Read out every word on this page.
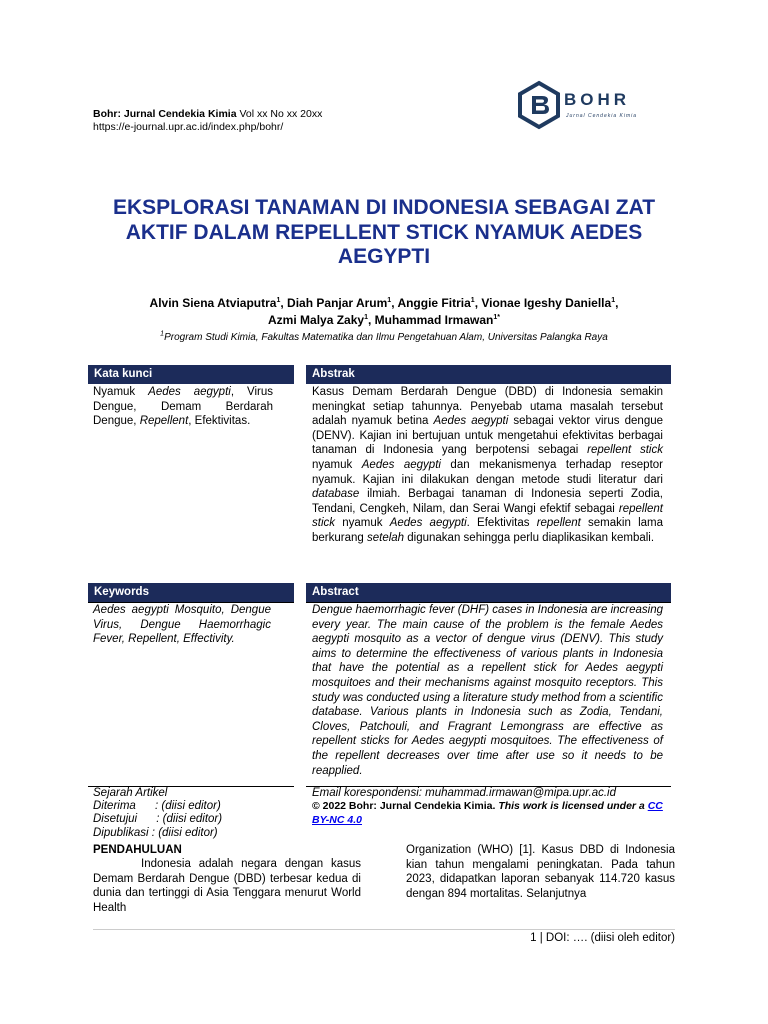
Bohr: Jurnal Cendekia Kimia Vol xx No xx 20xx
https://e-journal.upr.ac.id/index.php/bohr/
BOHR
Jurnal Cendekia Kimia
EKSPLORASI TANAMAN DI INDONESIA SEBAGAI ZAT AKTIF DALAM REPELLENT STICK NYAMUK AEDES AEGYPTI
Alvin Siena Atviaputra$^1$, Diah Panjar Arum$^1$, Anggie Fitria$^1$, Vionae Igeshy Daniella$^1$,
Azmi Malya Zaky$^1$, Muhammad Irmawan$^{1*}$
$^1$Program Studi Kimia, Fakultas Matematika dan Ilmu Pengetahuan Alam, Universitas Palangka Raya
Kata kunci	Abstrak
Nyamuk Aedes aegypti, Virus Dengue, Demam Berdarah Dengue, Repellent, Efektivitas.
Kasus Demam Berdarah Dengue (DBD) di Indonesia semakin meningkat setiap tahunnya. Penyebab utama masalah tersebut adalah nyamuk betina Aedes aegypti sebagai vektor virus dengue (DENV). Kajian ini bertujuan untuk mengetahui efektivitas berbagai tanaman di Indonesia yang berpotensi sebagai repellent stick nyamuk Aedes aegypti dan mekanismenya terhadap reseptor nyamuk. Kajian ini dilakukan dengan metode studi literatur dari database ilmiah. Berbagai tanaman di Indonesia seperti Zodia, Tendani, Cengkeh, Nilam, dan Serai Wangi efektif sebagai repellent stick nyamuk Aedes aegypti. Efektivitas repellent semakin lama berkurang setelah digunakan sehingga perlu diaplikasikan kembali.
Keywords	Abstract
Aedes aegypti Mosquito, Dengue Virus, Dengue Haemorrhagic Fever, Repellent, Effectivity.
Dengue haemorrhagic fever (DHF) cases in Indonesia are increasing every year. The main cause of the problem is the female Aedes aegypti mosquito as a vector of dengue virus (DENV). This study aims to determine the effectiveness of various plants in Indonesia that have the potential as a repellent stick for Aedes aegypti mosquitoes and their mechanisms against mosquito receptors. This study was conducted using a literature study method from a scientific database. Various plants in Indonesia such as Zodia, Tendani, Cloves, Patchouli, and Fragrant Lemongrass are effective as repellent sticks for Aedes aegypti mosquitoes. The effectiveness of the repellent decreases over time after use so it needs to be reapplied.
Sejarah Artikel
Diterima      : (diisi editor)
Disetujui      : (diisi editor)
Dipublikasi : (diisi editor)
Email korespondensi: muhammad.irmawan@mipa.upr.ac.id
© 2022 Bohr: Jurnal Cendekia Kimia. This work is licensed under a CC BY-NC 4.0
PENDAHULUAN
Indonesia adalah negara dengan kasus Demam Berdarah Dengue (DBD) terbesar kedua di dunia dan tertinggi di Asia Tenggara menurut World Health
Organization (WHO) [1]. Kasus DBD di Indonesia kian tahun mengalami peningkatan. Pada tahun 2023, didapatkan laporan sebanyak 114.720 kasus dengan 894 mortalitas. Selanjutnya
1 | DOI: …. (diisi oleh editor)
